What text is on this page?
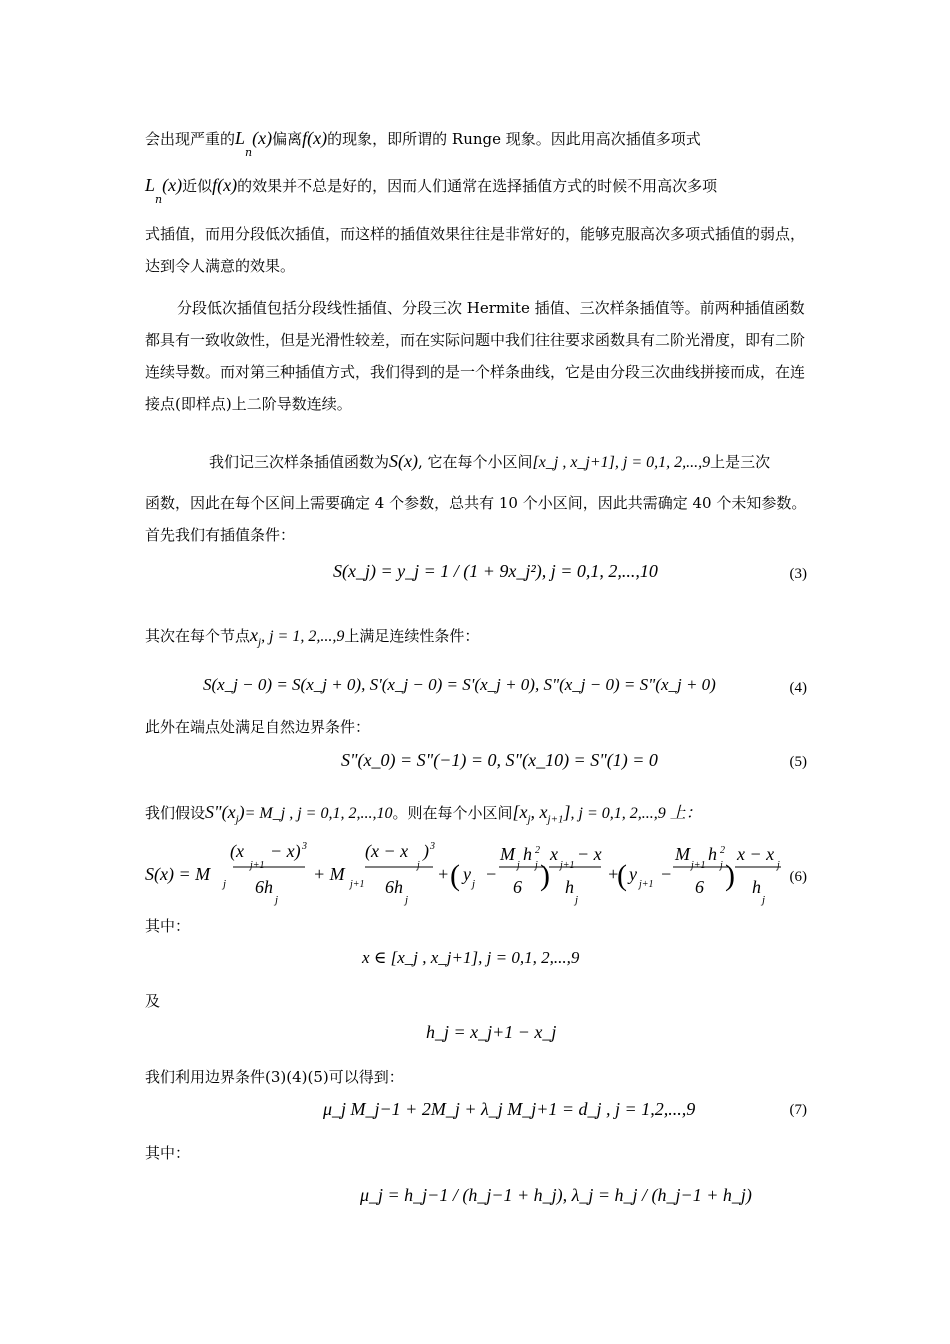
会出现严重的$L_n(x)$偏离f(x)的现象，即所谓的 Runge 现象。因此用高次插值多项式
$L_n(x)$近似f(x)的效果并不总是好的，因而人们通常在选择插值方式的时候不用高次多项
式插值，而用分段低次插值，而这样的插值效果往往是非常好的，能够克服高次多项式插值的弱点，达到令人满意的效果。
分段低次插值包括分段线性插值、分段三次 Hermite 插值、三次样条插值等。前两种插值函数都具有一致收敛性，但是光滑性较差，而在实际问题中我们往往要求函数具有二阶光滑度，即有二阶连续导数。而对第三种插值方式，我们得到的是一个样条曲线，它是由分段三次曲线拼接而成，在连接点(即样点)上二阶导数连续。
我们记三次样条插值函数为S(x), 它在每个小区间[x_j , x_j+1], j = 0,1, 2,...,9上是三次
函数，因此在每个区间上需要确定 4 个参数，总共有 10 个小区间，因此共需确定 40 个未知参数。首先我们有插值条件：
S(x_j) = y_j = 1 / (1 + 9x_j²), j = 0,1, 2,...,10	(3)
其次在每个节点$x_j$, j = 1, 2,...,9上满足连续性条件：
S(x_j − 0) = S(x_j + 0), S'(x_j − 0) = S'(x_j + 0), S"(x_j − 0) = S"(x_j + 0)	(4)
此外在端点处满足自然边界条件：
S"(x_0) = S"(−1) = 0, S"(x_10) = S"(1) = 0	(5)
我们假设$S"(x_j)=$ M_j , j = 0,1, 2,...,10。则在每个小区间[$x_j$, $x_{j+1}$], j = 0,1, 2,...,9 上：
S(x) = M j
(x
j+1
− x) 3
6h
j
+ M
j+1
(x − x
j
) 3
6h
j
+ ( y j −
M
j
h 2
j
6 )
x
j+1
− x
h
j
+
( y
j+1
−
M
j+1
h 2
j
6 )
x − x
j
h
j
(6)
其中：
x ∈ [x_j , x_j+1], j = 0,1, 2,...,9
及
h_j = x_j+1 − x_j
我们利用边界条件(3)(4)(5)可以得到：
μ_j M_j−1 + 2M_j + λ_j M_j+1 = d_j , j = 1,2,...,9	(7)
其中：
μ_j = h_j−1 / (h_j−1 + h_j), λ_j = h_j / (h_j−1 + h_j)
